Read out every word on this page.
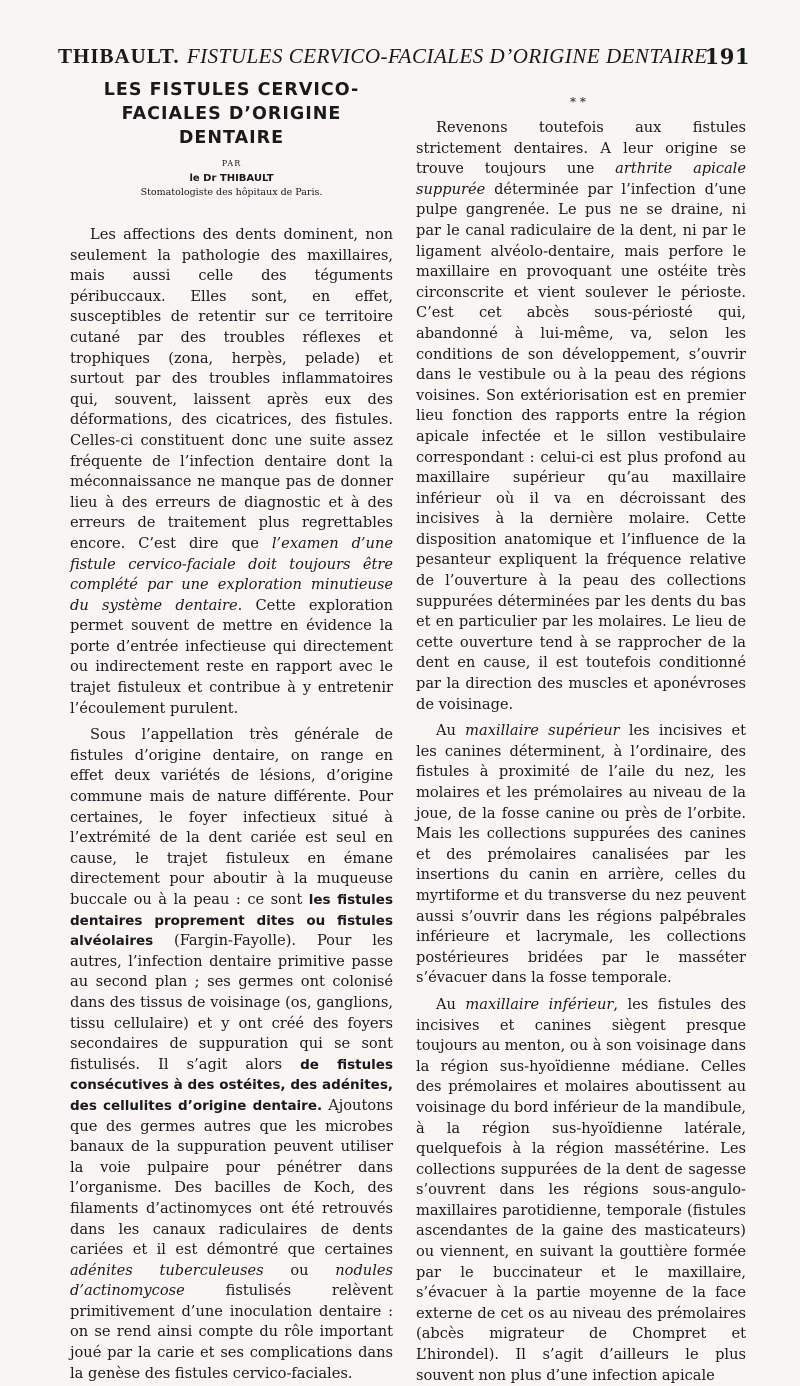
THIBAULT. FISTULES CERVICO-FACIALES D’ORIGINE DENTAIRE
191
LES FISTULES CERVICO-
FACIALES D’ORIGINE
DENTAIRE

PAR

le Dr THIBAULT

Stomatologiste des hôpitaux de Paris.

Les affections des dents dominent, non seulement la pathologie des maxillaires, mais aussi celle des téguments péribuccaux. Elles sont, en effet, susceptibles de retentir sur ce territoire cutané par des troubles réflexes et trophiques (zona, herpès, pelade) et surtout par des troubles inflammatoires qui, souvent, laissent après eux des déformations, des cicatrices, des fistules. Celles-ci constituent donc une suite assez fréquente de l’infection dentaire dont la méconnaissance ne manque pas de donner lieu à des erreurs de diagnostic et à des erreurs de traitement plus regrettables encore. C’est dire que l’examen d’une fistule cervico-faciale doit toujours être complété par une exploration minutieuse du système dentaire. Cette exploration permet souvent de mettre en évidence la porte d’entrée infectieuse qui directement ou indirectement reste en rapport avec le trajet fistuleux et contribue à y entretenir l’écoulement purulent.

Sous l’appellation très générale de fistules d’origine dentaire, on range en effet deux variétés de lésions, d’origine commune mais de nature différente. Pour certaines, le foyer infectieux situé à l’extrémité de la dent cariée est seul en cause, le trajet fistuleux en émane directement pour aboutir à la muqueuse buccale ou à la peau : ce sont les fistules dentaires proprement dites ou fistules alvéolaires (Fargin-Fayolle). Pour les autres, l’infection dentaire primitive passe au second plan ; ses germes ont colonisé dans des tissus de voisinage (os, ganglions, tissu cellulaire) et y ont créé des foyers secondaires de suppuration qui se sont fistulisés. Il s’agit alors de fistules consécutives à des ostéites, des adénites, des cellulites d’origine dentaire. Ajoutons que des germes autres que les microbes banaux de la suppuration peuvent utiliser la voie pulpaire pour pénétrer dans l’organisme. Des bacilles de Koch, des filaments d’actinomyces ont été retrouvés dans les canaux radiculaires de dents cariées et il est démontré que certaines adénites tuberculeuses ou nodules d’actinomycose fistulisés relèvent primitivement d’une inoculation dentaire : on se rend ainsi compte du rôle important joué par la carie et ses complications dans la genèse des fistules cervico-faciales.

* *

Revenons toutefois aux fistules strictement dentaires. A leur origine se trouve toujours une arthrite apicale suppurée déterminée par l’infection d’une pulpe gangrenée. Le pus ne se draine, ni par le canal radiculaire de la dent, ni par le ligament alvéolo-dentaire, mais perfore le maxillaire en provoquant une ostéite très circonscrite et vient soulever le périoste. C’est cet abcès sous-périosté qui, abandonné à lui-même, va, selon les conditions de son développement, s’ouvrir dans le vestibule ou à la peau des régions voisines. Son extériorisation est en premier lieu fonction des rapports entre la région apicale infectée et le sillon vestibulaire correspondant : celui-ci est plus profond au maxillaire supérieur qu’au maxillaire inférieur où il va en décroissant des incisives à la dernière molaire. Cette disposition anatomique et l’influence de la pesanteur expliquent la fréquence relative de l’ouverture à la peau des collections suppurées déterminées par les dents du bas et en particulier par les molaires. Le lieu de cette ouverture tend à se rapprocher de la dent en cause, il est toutefois conditionné par la direction des muscles et aponévroses de voisinage.

Au maxillaire supérieur les incisives et les canines déterminent, à l’ordinaire, des fistules à proximité de l’aile du nez, les molaires et les prémolaires au niveau de la joue, de la fosse canine ou près de l’orbite. Mais les collections suppurées des canines et des prémolaires canalisées par les insertions du canin en arrière, celles du myrtiforme et du transverse du nez peuvent aussi s’ouvrir dans les régions palpébrales inférieure et lacrymale, les collections postérieures bridées par le masséter s’évacuer dans la fosse temporale.

Au maxillaire inférieur, les fistules des incisives et canines siègent presque toujours au menton, ou à son voisinage dans la région sus-hyoïdienne médiane. Celles des prémolaires et molaires aboutissent au voisinage du bord inférieur de la mandibule, à la région sus-hyoïdienne latérale, quelquefois à la région massétérine. Les collections suppurées de la dent de sagesse s’ouvrent dans les régions sous-angulo-maxillaires parotidienne, temporale (fistules ascendantes de la gaine des masticateurs) ou viennent, en suivant la gouttière formée par le buccinateur et le maxillaire, s’évacuer à la partie moyenne de la face externe de cet os au niveau des prémolaires (abcès migrateur de Chompret et L’hirondel). Il s’agit d’ailleurs le plus souvent non plus d’une infection apicale
